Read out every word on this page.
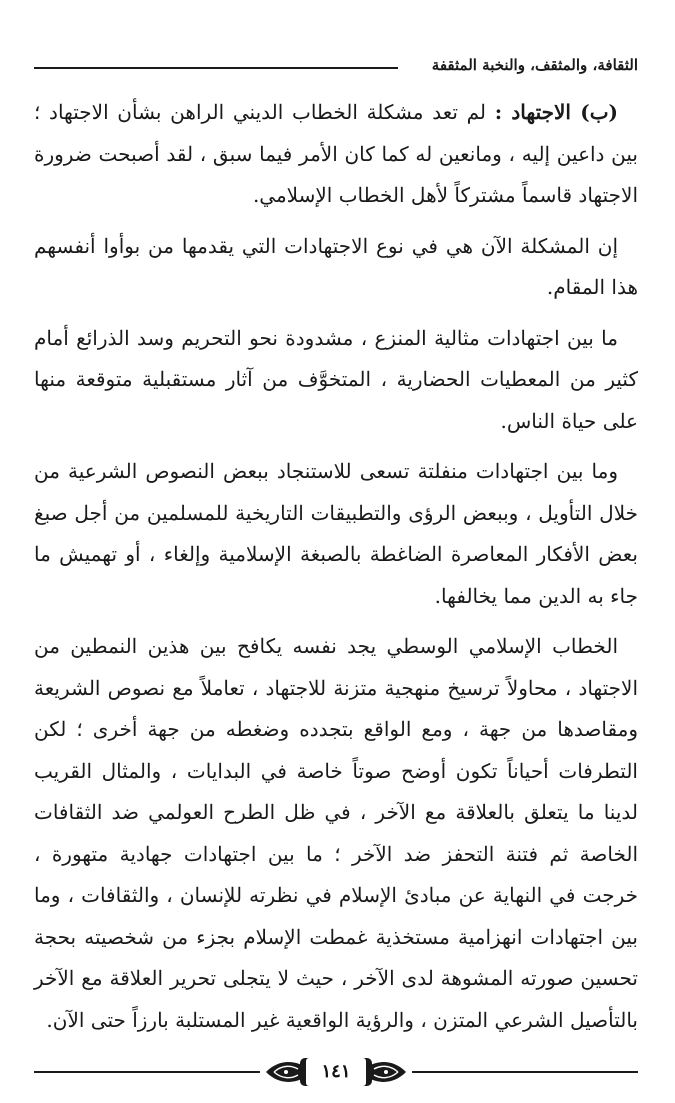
الثقافة، والمثقف، والنخبة المثقفة

(ب) الاجتهاد : لم تعد مشكلة الخطاب الديني الراهن بشأن الاجتهاد ؛ بين داعين إليه ، ومانعين له كما كان الأمر فيما سبق ، لقد أصبحت ضرورة الاجتهاد قاسماً مشتركاً لأهل الخطاب الإسلامي.

إن المشكلة الآن هي في نوع الاجتهادات التي يقدمها من بوأوا أنفسهم هذا المقام.

ما بين اجتهادات مثالية المنزع ، مشدودة نحو التحريم وسد الذرائع أمام كثير من المعطيات الحضارية ، المتخوَّف من آثار مستقبلية متوقعة منها على حياة الناس.

وما بين اجتهادات منفلتة تسعى للاستنجاد ببعض النصوص الشرعية من خلال التأويل ، وببعض الرؤى والتطبيقات التاريخية للمسلمين من أجل صبغ بعض الأفكار المعاصرة الضاغطة بالصبغة الإسلامية وإلغاء ، أو تهميش ما جاء به الدين مما يخالفها.

الخطاب الإسلامي الوسطي يجد نفسه يكافح بين هذين النمطين من الاجتهاد ، محاولاً ترسيخ منهجية متزنة للاجتهاد ، تعاملاً مع نصوص الشريعة ومقاصدها من جهة ، ومع الواقع بتجدده وضغطه من جهة أخرى ؛ لكن التطرفات أحياناً تكون أوضح صوتاً خاصة في البدايات ، والمثال القريب لدينا ما يتعلق بالعلاقة مع الآخر ، في ظل الطرح العولمي ضد الثقافات الخاصة ثم فتنة التحفز ضد الآخر ؛ ما بين اجتهادات جهادية متهورة ، خرجت في النهاية عن مبادئ الإسلام في نظرته للإنسان ، والثقافات ، وما بين اجتهادات انهزامية مستخذية غمطت الإسلام بجزء من شخصيته بحجة تحسين صورته المشوهة لدى الآخر ، حيث لا يتجلى تحرير العلاقة مع الآخر بالتأصيل الشرعي المتزن ، والرؤية الواقعية غير المستلبة بارزاً حتى الآن.

١٤١
